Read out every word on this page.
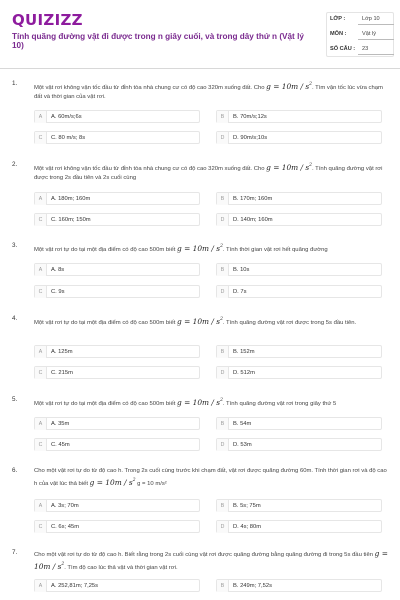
QUIZIZZ
Tính quãng đường vật đi được trong n giây cuối, và trong dây thứ n (Vật lý 10)
LỚP :	Lớp 10
MÔN :	Vật lý
SỐ CÂU : 23
1.
Một vật rơi không vận tốc đầu từ đỉnh tòa nhà chung cư có độ cao 320m xuống đất. Cho $g = 10m / s^2$. Tìm vận tốc lúc vừa chạm đất và thời gian của vật rơi.
A	A. 60m/s;6s	B	B. 70m/s;12s
C	C. 80 m/s; 8s	D	D. 90m/s;10s
2.
Một vật rơi không vận tốc đầu từ đỉnh tòa nhà chung cư có độ cao 320m xuống đất. Cho $g = 10m / s^2$. Tính quãng đường vật rơi được trong 2s đầu tiên và 2s cuối cùng
A	A. 180m; 160m	B	B. 170m; 160m
C	C. 160m; 150m	D	D. 140m; 160m
3.
Một vật rơi tự do tại một địa điểm có độ cao 500m biết $g = 10m / s^2$. Tính thời gian vật rơi hết quãng đường
A	A. 8s	B	B. 10s
C	C. 9s	D	D. 7s
4.
Một vật rơi tự do tại một địa điểm có độ cao 500m biết $g = 10m / s^2$. Tính quãng đường vật rơi được trong 5s đầu tiên.
A	A. 125m	B	B. 152m
C	C. 215m	D	D. 512m
5.
Một vật rơi tự do tại một địa điểm có độ cao 500m biết $g = 10m / s^2$. Tính quãng đường vật rơi trong giây thứ 5
A	A. 35m	B	B. 54m
C	C. 45m	D	D. 53m
6.	Cho một vật rơi tự do từ độ cao h. Trong 2s cuối cùng trước khi chạm đất, vật rơi được quãng đường 60m. Tính thời gian rơi và độ cao h của vật lúc thả biết $g = 10m / s^2$ g = 10 m/s²
A	A. 3s; 70m	B	B. 5s; 75m
C	C. 6s; 45m	D	D. 4s; 80m
7.	Cho một vật rơi tự do từ độ cao h. Biết rằng trong 2s cuối cùng vật rơi được quãng đường bằng quãng đường đi trong 5s đầu tiên $g = 10m / s^2$. Tìm độ cao lúc thả vật và thời gian vật rơi.
A	A. 252,81m; 7,25s	B	B. 249m; 7,52s
